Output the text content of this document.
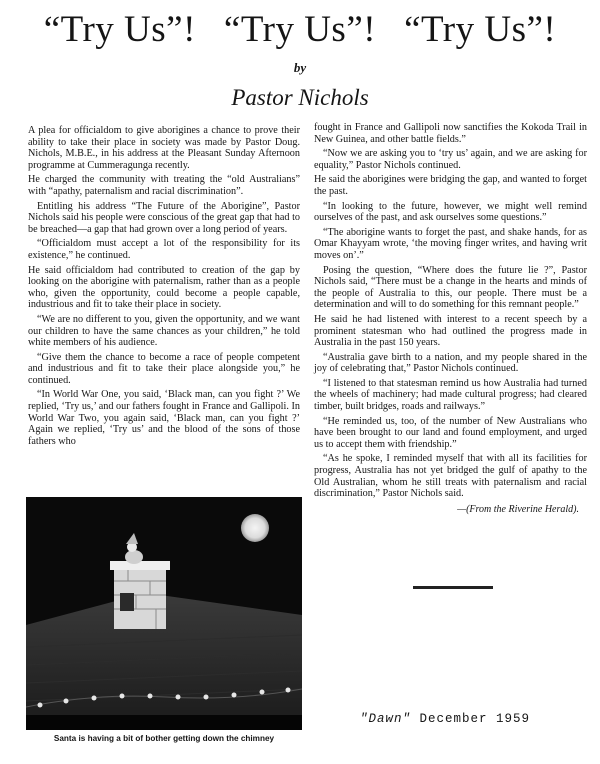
“Try Us”! “Try Us”! “Try Us”!
by
Pastor Nichols

A plea for officialdom to give aborigines a chance to prove their ability to take their place in society was made by Pastor Doug. Nichols, M.B.E., in his address at the Pleasant Sunday Afternoon programme at Cummeragunga recently.

He charged the community with treating the “old Australians” with “apathy, paternalism and racial discrimination”.

Entitling his address “The Future of the Aborigine”, Pastor Nichols said his people were conscious of the great gap that had to be breached—a gap that had grown over a long period of years.

“Officialdom must accept a lot of the responsibility for its existence,” he continued.

He said officialdom had contributed to creation of the gap by looking on the aborigine with paternalism, rather than as a people who, given the opportunity, could become a people capable, industrious and fit to take their place in society.

“We are no different to you, given the opportunity, and we want our children to have the same chances as your children,” he told white members of his audience.

“Give them the chance to become a race of people competent and industrious and fit to take their place alongside you,” he continued.

“In World War One, you said, ‘Black man, can you fight ?’ We replied, ‘Try us,’ and our fathers fought in France and Gallipoli. In World War Two, you again said, ‘Black man, can you fight ?’ Again we replied, ‘Try us’ and the blood of the sons of those fathers who

fought in France and Gallipoli now sanctifies the Kokoda Trail in New Guinea, and other battle fields.”

“Now we are asking you to ‘try us’ again, and we are asking for equality,” Pastor Nichols continued.

He said the aborigines were bridging the gap, and wanted to forget the past.

“In looking to the future, however, we might well remind ourselves of the past, and ask ourselves some questions.”

“The aborigine wants to forget the past, and shake hands, for as Omar Khayyam wrote, ‘the moving finger writes, and having writ moves on’.”

Posing the question, “Where does the future lie ?”, Pastor Nichols said, “There must be a change in the hearts and minds of the people of Australia to this, our people. There must be a determination and will to do something for this remnant people.”

He said he had listened with interest to a recent speech by a prominent statesman who had outlined the progress made in Australia in the past 150 years.

“Australia gave birth to a nation, and my people shared in the joy of celebrating that,” Pastor Nichols continued.

“I listened to that statesman remind us how Australia had turned the wheels of machinery; had made cultural progress; had cleared timber, built bridges, roads and railways.”

“He reminded us, too, of the number of New Australians who have been brought to our land and found employment, and urged us to accept them with friendship.”

“As he spoke, I reminded myself that with all its facilities for progress, Australia has not yet bridged the gulf of apathy to the Old Australian, whom he still treats with paternalism and racial discrimination,” Pastor Nichols said.

—(From the Riverine Herald).
Santa is having a bit of bother getting down the chimney
"Dawn" December 1959
